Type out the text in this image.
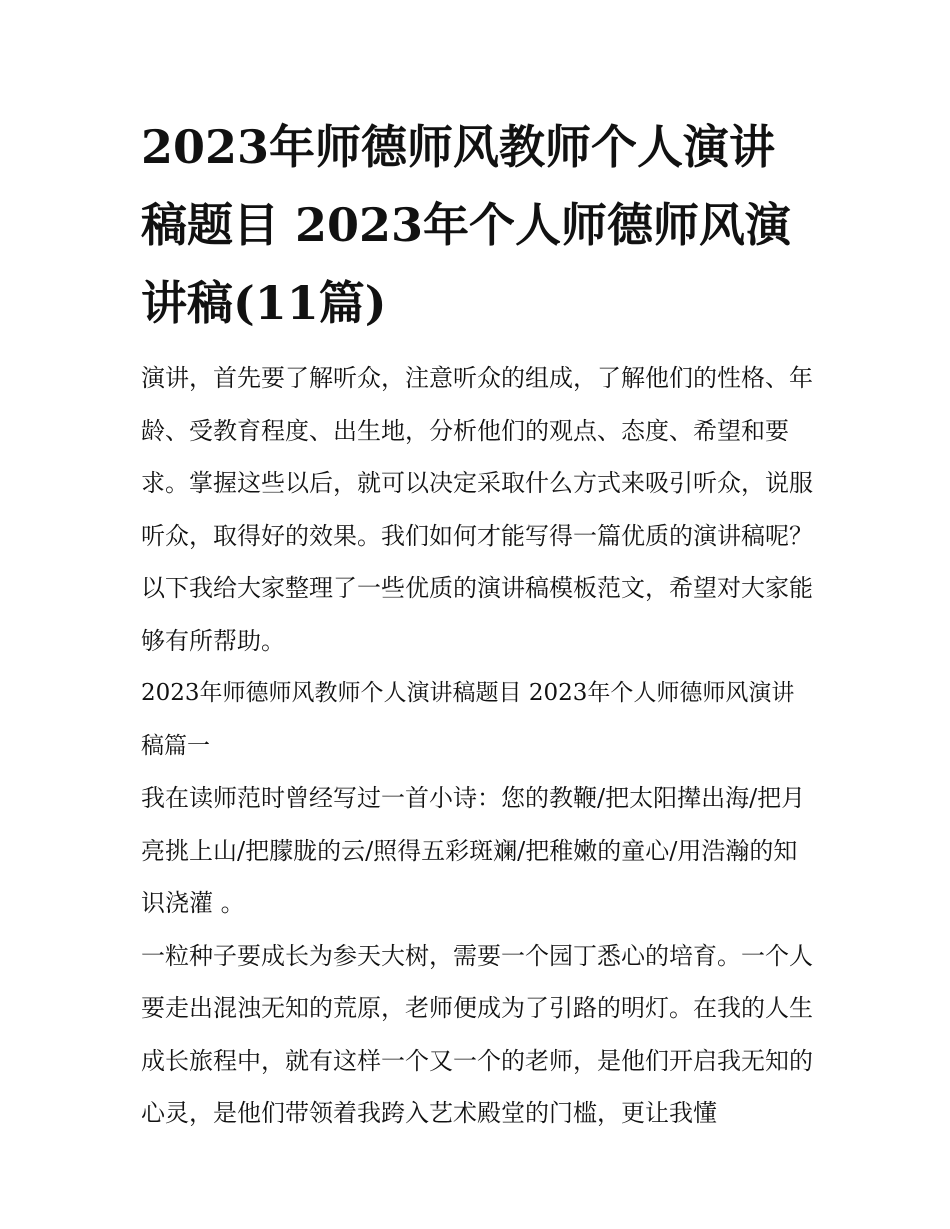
2023年师德师风教师个人演讲稿题目 2023年个人师德师风演讲稿(11篇)

演讲，首先要了解听众，注意听众的组成，了解他们的性格、年龄、受教育程度、出生地，分析他们的观点、态度、希望和要求。掌握这些以后，就可以决定采取什么方式来吸引听众，说服听众，取得好的效果。我们如何才能写得一篇优质的演讲稿呢？以下我给大家整理了一些优质的演讲稿模板范文，希望对大家能够有所帮助。

2023年师德师风教师个人演讲稿题目 2023年个人师德师风演讲稿篇一

我在读师范时曾经写过一首小诗：您的教鞭/把太阳撵出海/把月亮挑上山/把朦胧的云/照得五彩斑斓/把稚嫩的童心/用浩瀚的知识浇灌 。

一粒种子要成长为参天大树，需要一个园丁悉心的培育。一个人要走出混浊无知的荒原，老师便成为了引路的明灯。在我的人生成长旅程中，就有这样一个又一个的老师，是他们开启我无知的心灵，是他们带领着我跨入艺术殿堂的门槛，更让我懂
